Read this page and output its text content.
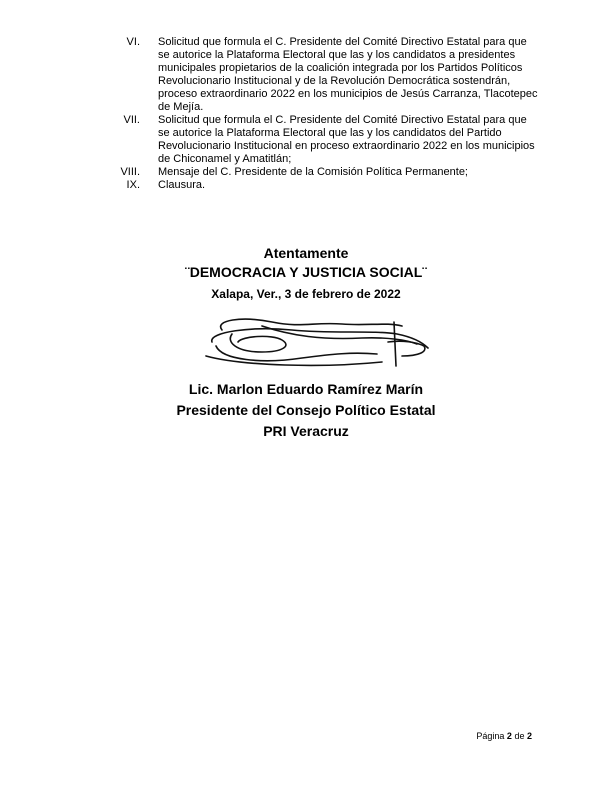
VI. Solicitud que formula el C. Presidente del Comité Directivo Estatal para que se autorice la Plataforma Electoral que las y los candidatos a presidentes municipales propietarios de la coalición integrada por los Partidos Políticos Revolucionario Institucional y de la Revolución Democrática sostendrán, proceso extraordinario 2022 en los municipios de Jesús Carranza, Tlacotepec de Mejía.
VII. Solicitud que formula el C. Presidente del Comité Directivo Estatal para que se autorice la Plataforma Electoral que las y los candidatos del Partido Revolucionario Institucional en proceso extraordinario 2022 en los municipios de Chiconamel y Amatitlán;
VIII. Mensaje del C. Presidente de la Comisión Política Permanente;
IX. Clausura.
Atentamente
¨DEMOCRACIA Y JUSTICIA SOCIAL¨
Xalapa, Ver., 3 de febrero de 2022
Lic. Marlon Eduardo Ramírez Marín
Presidente del Consejo Político Estatal
PRI Veracruz
Página 2 de 2
